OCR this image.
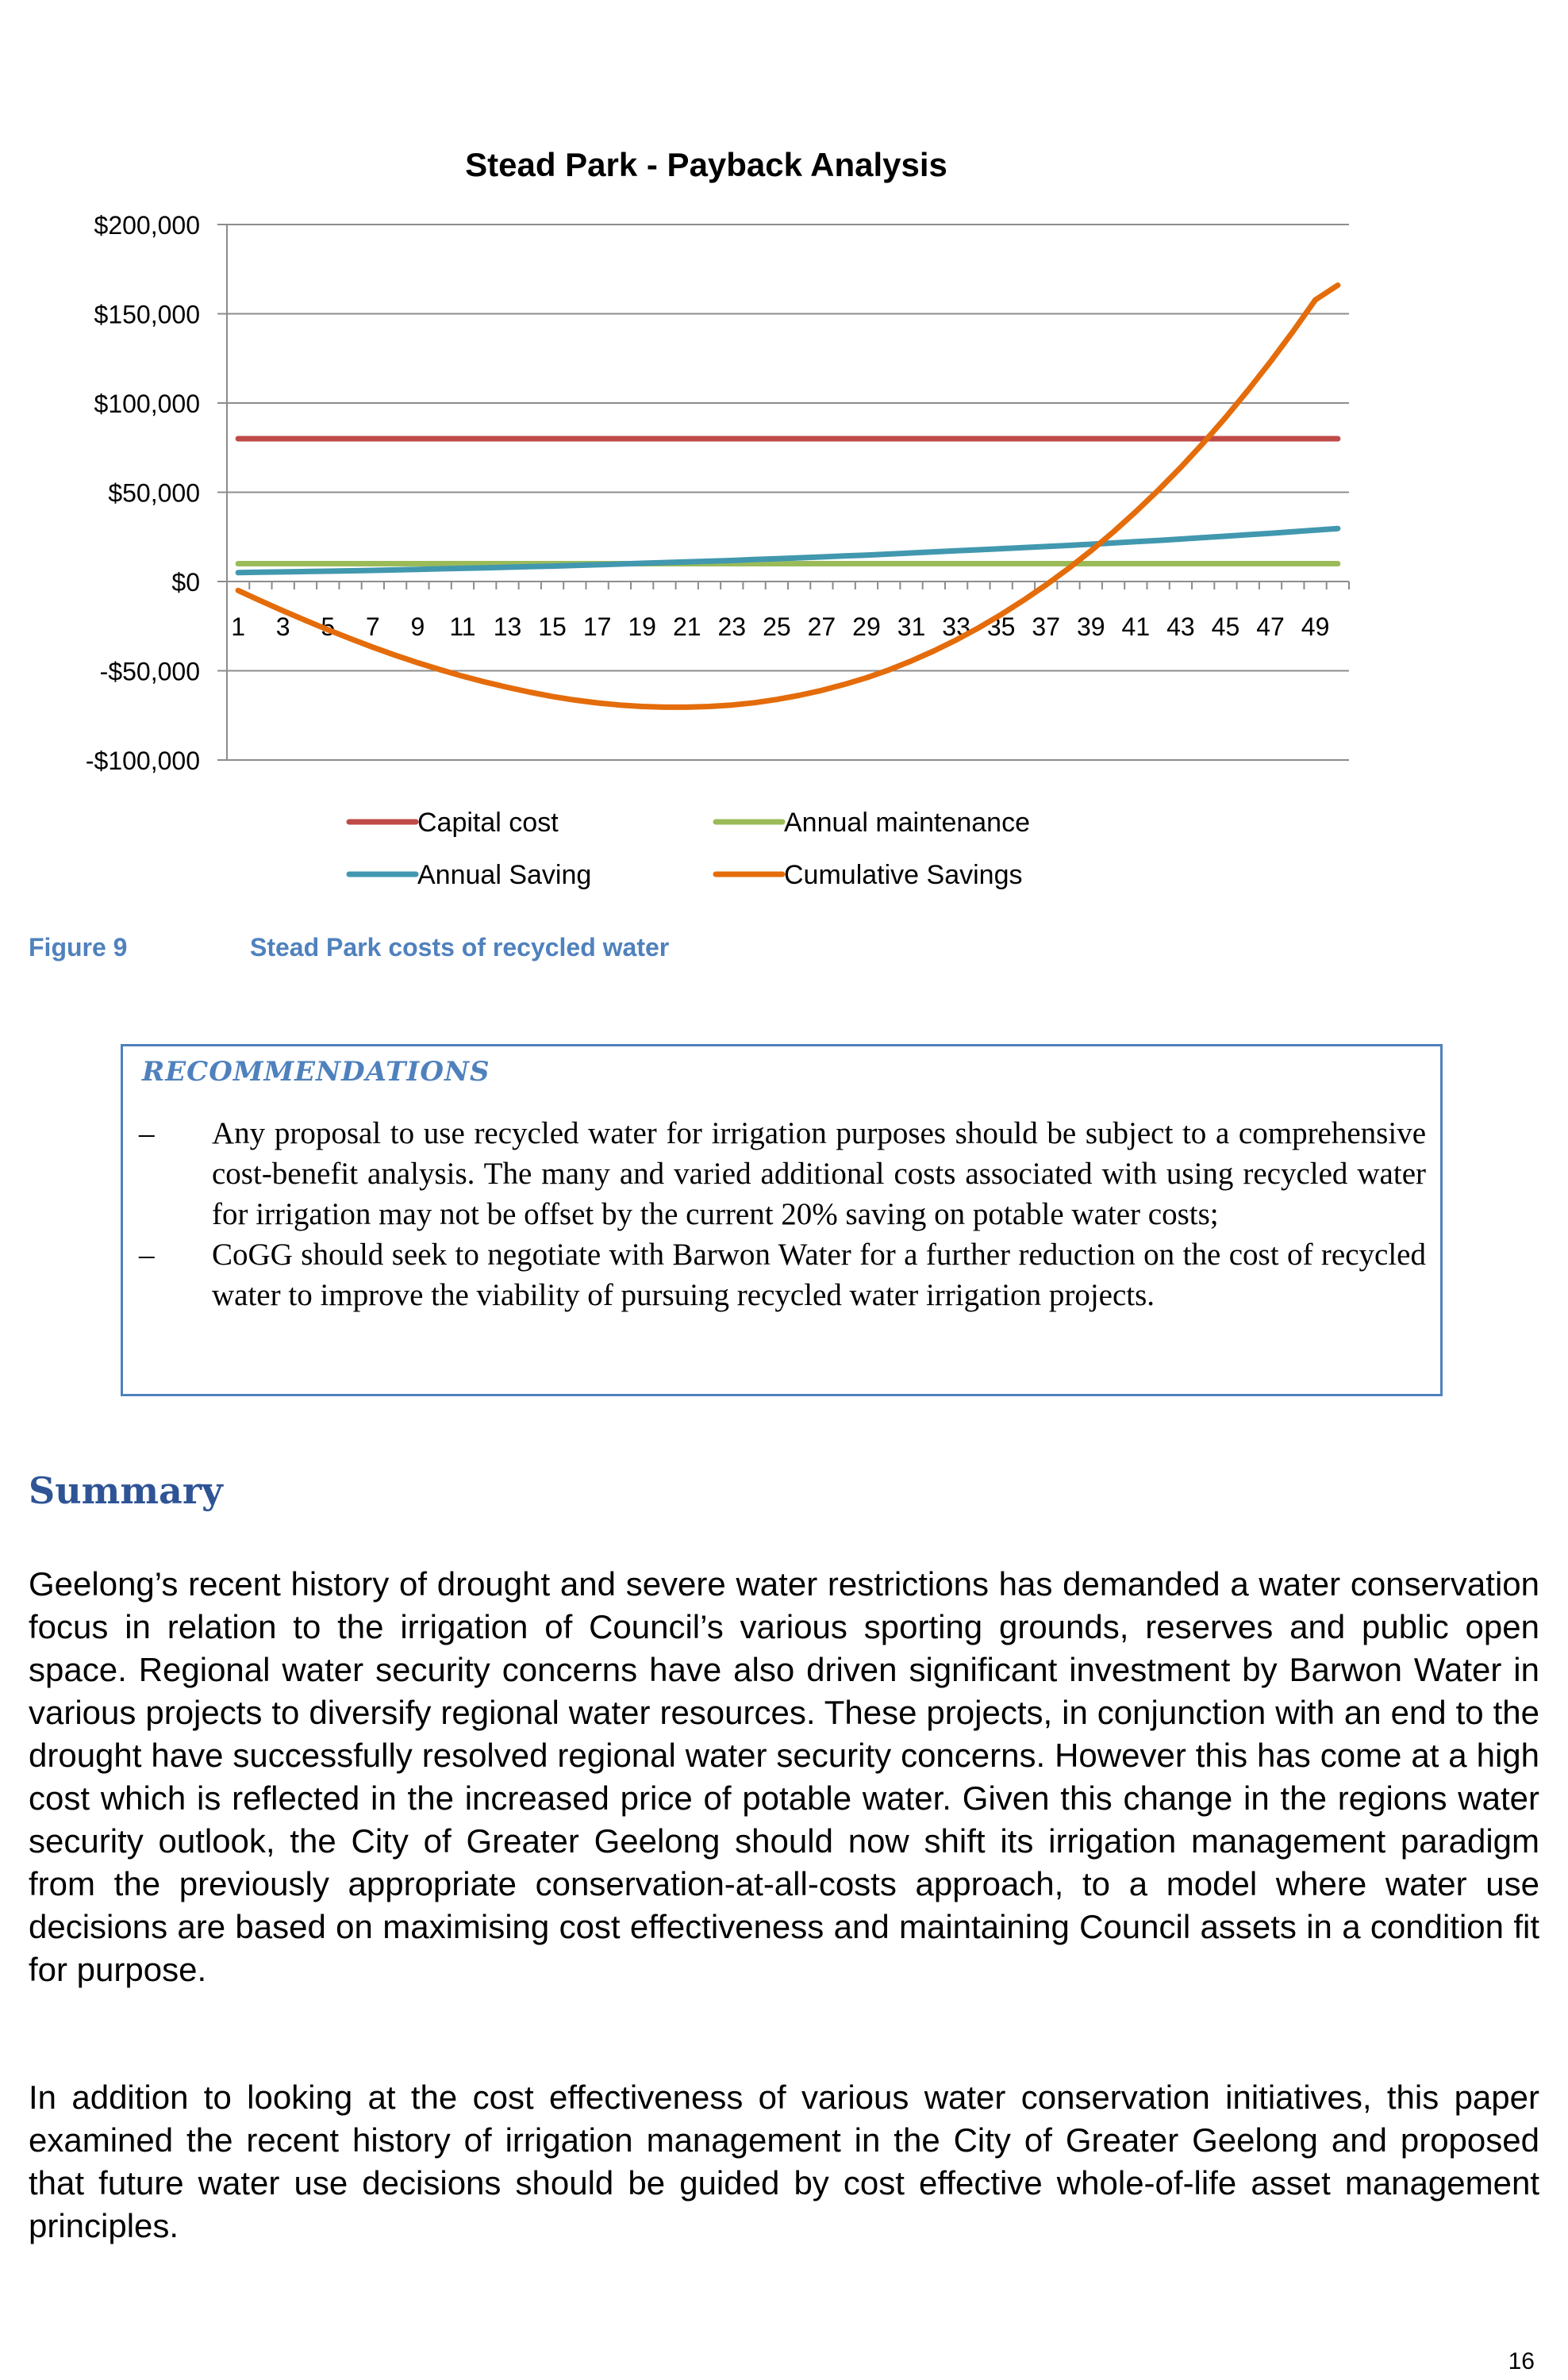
Stead Park - Payback Analysis
$200,000
$150,000
$100,000
$50,000
$0
-$50,000
-$100,000
1 3 5 7 9 11 13 15 17 19 21 23 25 27 29 31 33 35 37 39 41 43 45 47 49
Capital cost	Annual maintenance
Annual Saving	Cumulative Savings
Figure 9	Stead Park costs of recycled water
RECOMMENDATIONS
– Any proposal to use recycled water for irrigation purposes should be subject to a comprehensive cost-benefit analysis. The many and varied additional costs associated with using recycled water for irrigation may not be offset by the current 20% saving on potable water costs;
– CoGG should seek to negotiate with Barwon Water for a further reduction on the cost of recycled water to improve the viability of pursuing recycled water irrigation projects.
Summary

Geelong’s recent history of drought and severe water restrictions has demanded a water conservation focus in relation to the irrigation of Council’s various sporting grounds, reserves and public open space. Regional water security concerns have also driven significant investment by Barwon Water in various projects to diversify regional water resources. These projects, in conjunction with an end to the drought have successfully resolved regional water security concerns. However this has come at a high cost which is reflected in the increased price of potable water. Given this change in the regions water security outlook, the City of Greater Geelong should now shift its irrigation management paradigm from the previously appropriate conservation-at-all-costs approach, to a model where water use decisions are based on maximising cost effectiveness and maintaining Council assets in a condition fit for purpose.

In addition to looking at the cost effectiveness of various water conservation initiatives, this paper examined the recent history of irrigation management in the City of Greater Geelong and proposed that future water use decisions should be guided by cost effective whole-of-life asset management principles.

16
